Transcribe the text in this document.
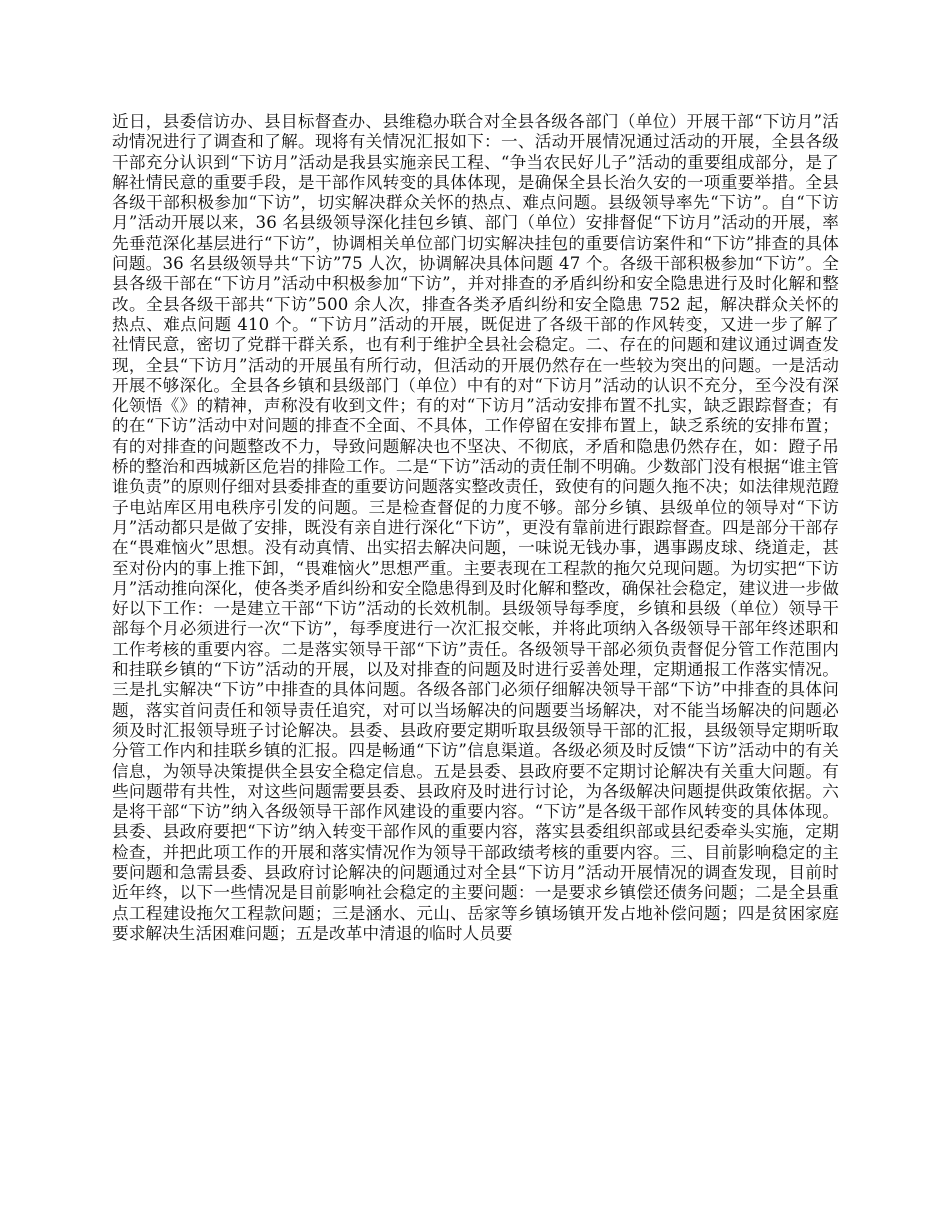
近日，县委信访办、县目标督查办、县维稳办联合对全县各级各部门（单位）开展干部“下访月”活动情况进行了调查和了解。现将有关情况汇报如下：一、活动开展情况通过活动的开展，全县各级干部充分认识到“下访月”活动是我县实施亲民工程、“争当农民好儿子”活动的重要组成部分，是了解社情民意的重要手段，是干部作风转变的具体体现，是确保全县长治久安的一项重要举措。全县各级干部积极参加“下访”，切实解决群众关怀的热点、难点问题。县级领导率先“下访”。自“下访月”活动开展以来，36 名县级领导深化挂包乡镇、部门（单位）安排督促“下访月”活动的开展，率先垂范深化基层进行“下访”，协调相关单位部门切实解决挂包的重要信访案件和“下访”排查的具体问题。36 名县级领导共“下访”75 人次，协调解决具体问题 47 个。各级干部积极参加“下访”。全县各级干部在“下访月”活动中积极参加“下访”，并对排查的矛盾纠纷和安全隐患进行及时化解和整改。全县各级干部共“下访”500 余人次，排查各类矛盾纠纷和安全隐患 752 起，解决群众关怀的热点、难点问题 410 个。“下访月”活动的开展，既促进了各级干部的作风转变，又进一步了解了社情民意，密切了党群干群关系，也有利于维护全县社会稳定。二、存在的问题和建议通过调查发现，全县“下访月”活动的开展虽有所行动，但活动的开展仍然存在一些较为突出的问题。一是活动开展不够深化。全县各乡镇和县级部门（单位）中有的对“下访月”活动的认识不充分，至今没有深化领悟《》的精神，声称没有收到文件；有的对“下访月”活动安排布置不扎实，缺乏跟踪督查；有的在“下访”活动中对问题的排查不全面、不具体，工作停留在安排布置上，缺乏系统的安排布置；有的对排查的问题整改不力，导致问题解决也不坚决、不彻底，矛盾和隐患仍然存在，如：蹬子吊桥的整治和西城新区危岩的排险工作。二是“下访”活动的责任制不明确。少数部门没有根据“谁主管谁负责”的原则仔细对县委排查的重要访问题落实整改责任，致使有的问题久拖不决；如法律规范蹬子电站库区用电秩序引发的问题。三是检查督促的力度不够。部分乡镇、县级单位的领导对“下访月”活动都只是做了安排，既没有亲自进行深化“下访”，更没有靠前进行跟踪督查。四是部分干部存在“畏难恼火”思想。没有动真情、出实招去解决问题，一味说无钱办事，遇事踢皮球、绕道走，甚至对份内的事上推下卸，“畏难恼火”思想严重。主要表现在工程款的拖欠兑现问题。为切实把“下访月”活动推向深化，使各类矛盾纠纷和安全隐患得到及时化解和整改，确保社会稳定，建议进一步做好以下工作：一是建立干部“下访”活动的长效机制。县级领导每季度，乡镇和县级（单位）领导干部每个月必须进行一次“下访”，每季度进行一次汇报交帐，并将此项纳入各级领导干部年终述职和工作考核的重要内容。二是落实领导干部“下访”责任。各级领导干部必须负责督促分管工作范围内和挂联乡镇的“下访”活动的开展，以及对排查的问题及时进行妥善处理，定期通报工作落实情况。三是扎实解决“下访”中排查的具体问题。各级各部门必须仔细解决领导干部“下访”中排查的具体问题，落实首问责任和领导责任追究，对可以当场解决的问题要当场解决，对不能当场解决的问题必须及时汇报领导班子讨论解决。县委、县政府要定期听取县级领导干部的汇报，县级领导定期听取分管工作内和挂联乡镇的汇报。四是畅通“下访”信息渠道。各级必须及时反馈“下访”活动中的有关信息，为领导决策提供全县安全稳定信息。五是县委、县政府要不定期讨论解决有关重大问题。有些问题带有共性，对这些问题需要县委、县政府及时进行讨论，为各级解决问题提供政策依据。六是将干部“下访”纳入各级领导干部作风建设的重要内容。“下访”是各级干部作风转变的具体体现。县委、县政府要把“下访”纳入转变干部作风的重要内容，落实县委组织部或县纪委牵头实施，定期检查，并把此项工作的开展和落实情况作为领导干部政绩考核的重要内容。三、目前影响稳定的主要问题和急需县委、县政府讨论解决的问题通过对全县“下访月”活动开展情况的调查发现，目前时近年终，以下一些情况是目前影响社会稳定的主要问题：一是要求乡镇偿还债务问题；二是全县重点工程建设拖欠工程款问题；三是涵水、元山、岳家等乡镇场镇开发占地补偿问题；四是贫困家庭要求解决生活困难问题；五是改革中清退的临时人员要
